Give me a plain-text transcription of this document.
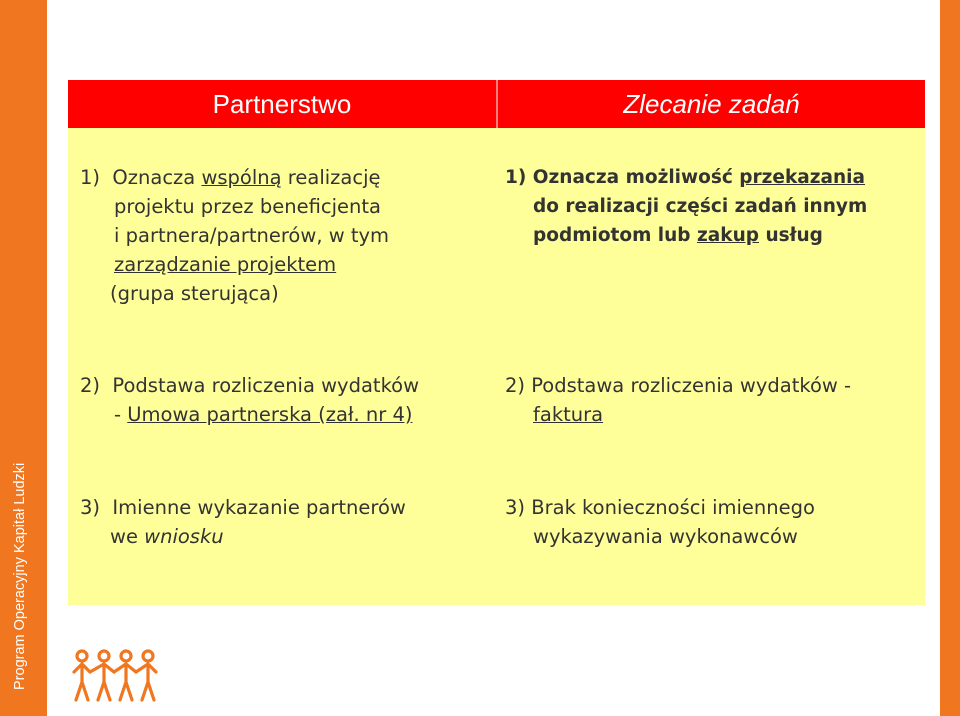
Program Operacyjny Kapitał Ludzki
Partnerstwo	Zlecanie zadań
1) Oznacza wspólną realizację
projektu przez beneficjenta
i partnera/partnerów, w tym
zarządzanie projektem
(grupa sterująca)
1) Oznacza możliwość przekazania
do realizacji części zadań innym
podmiotom lub zakup usług
2) Podstawa rozliczenia wydatków
- Umowa partnerska (zał. nr 4)
2) Podstawa rozliczenia wydatków -
faktura
3) Imienne wykazanie partnerów
we wniosku
3) Brak konieczności imiennego
wykazywania wykonawców
